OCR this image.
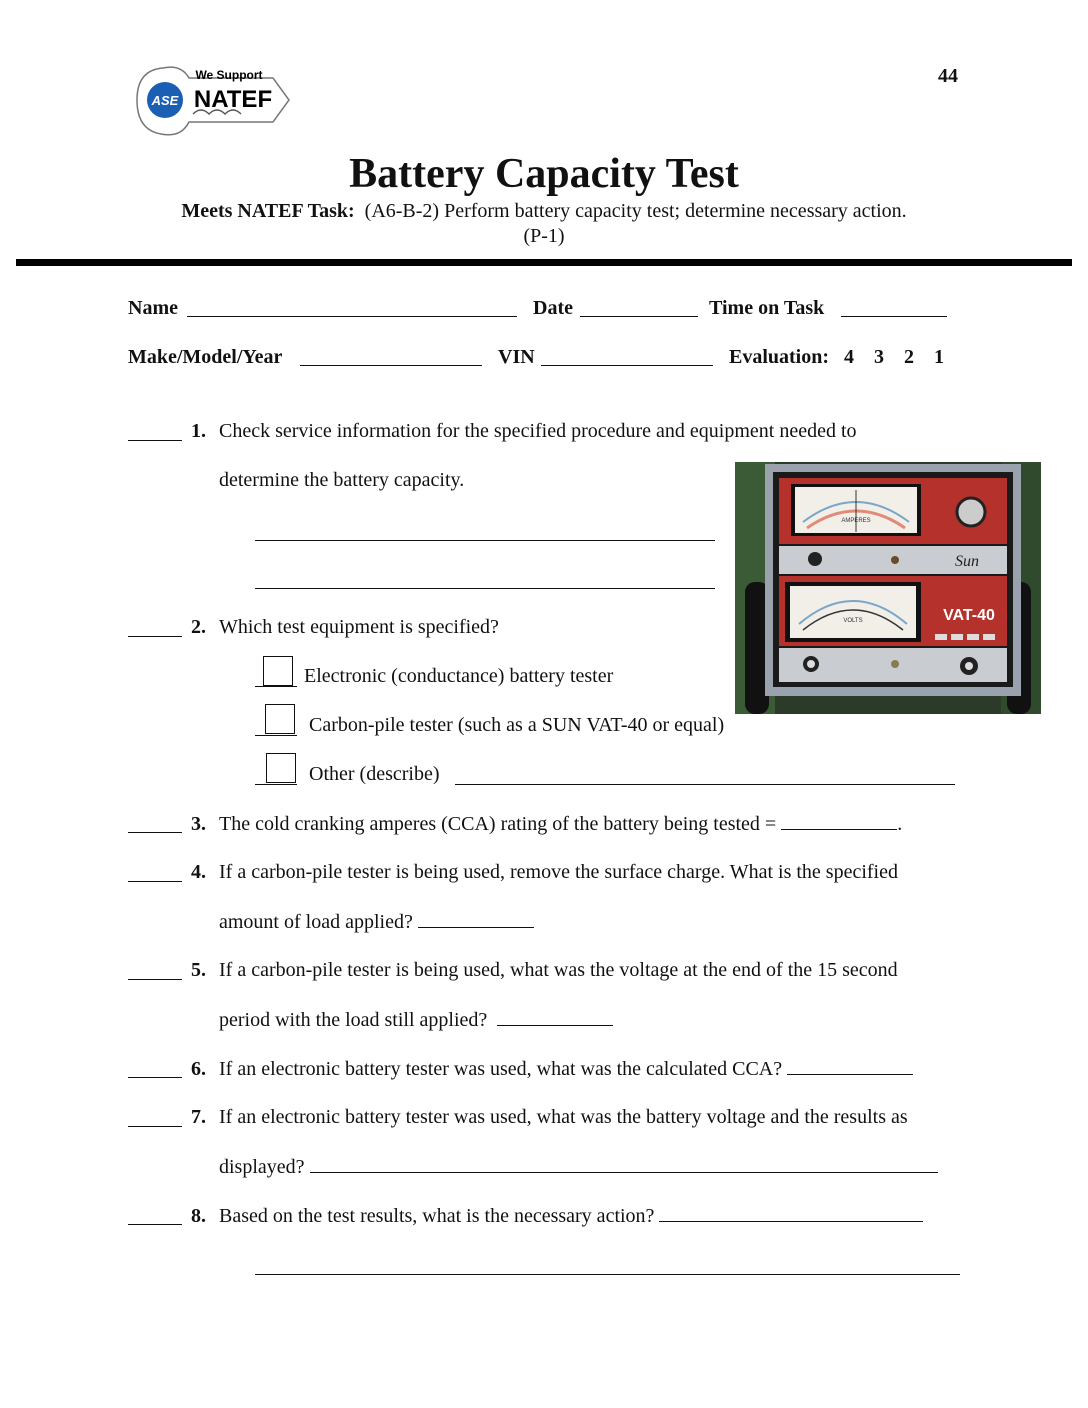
44
ASE
We Support
NATEF
Battery Capacity Test
Meets NATEF Task: (A6-B-2) Perform battery capacity test; determine necessary action.
(P-1)
Name	Date	Time on Task
Make/Model/Year	VIN	Evaluation: 4 3 2 1
1. Check service information for the specified procedure and equipment needed to
determine the battery capacity.
2. Which test equipment is specified?
Electronic (conductance) battery tester
Carbon-pile tester (such as a SUN VAT-40 or equal)
Other (describe)
3. The cold cranking amperes (CCA) rating of the battery being tested =	.
4. If a carbon-pile tester is being used, remove the surface charge. What is the specified
amount of load applied?
5. If a carbon-pile tester is being used, what was the voltage at the end of the 15 second
period with the load still applied?
6. If an electronic battery tester was used, what was the calculated CCA?
7. If an electronic battery tester was used, what was the battery voltage and the results as
displayed?
8. Based on the test results, what is the necessary action?
AMPERES
Sun
VOLTS	VAT-40
